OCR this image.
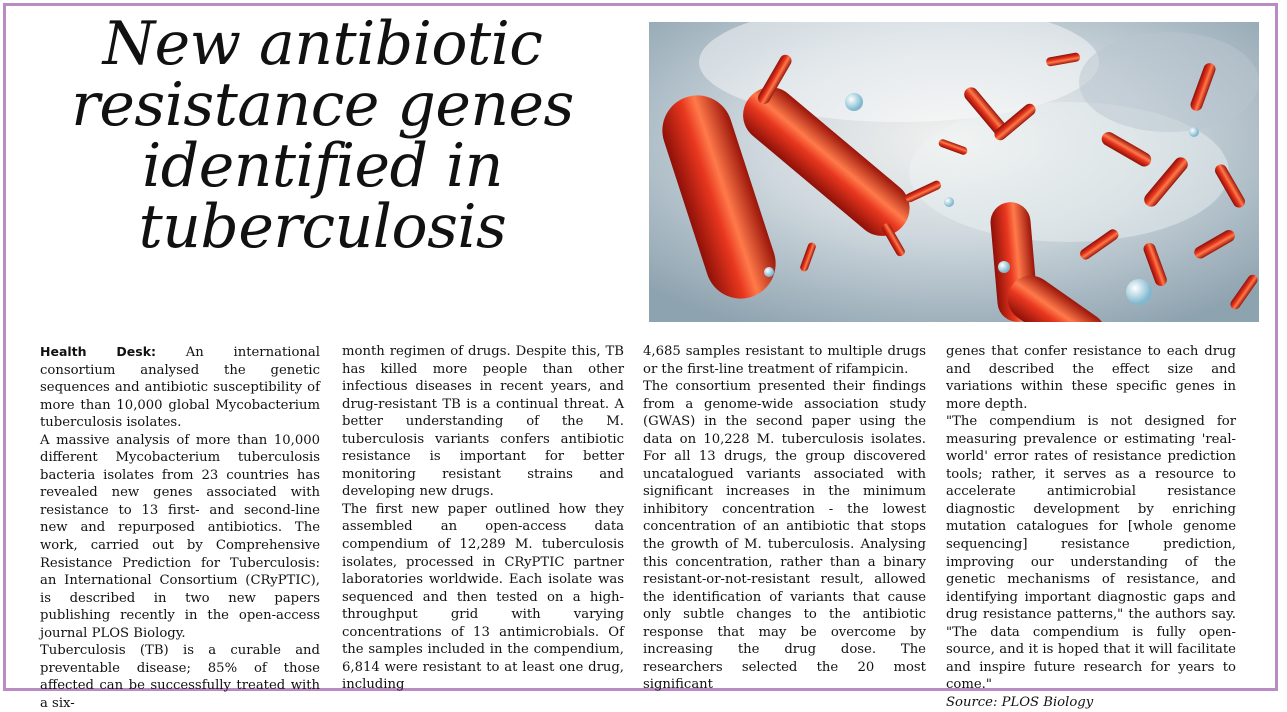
New antibiotic
resistance genes
identified in
tuberculosis

Health Desk: An international consortium analysed the genetic sequences and antibiotic susceptibility of more than 10,000 global Mycobacterium tuberculosis isolates.

A massive analysis of more than 10,000 different Mycobacterium tuberculosis bacteria isolates from 23 countries has revealed new genes associated with resistance to 13 first- and second-line new and repurposed antibiotics. The work, carried out by Comprehensive Resistance Prediction for Tuberculosis: an International Consortium (CRyPTIC), is described in two new papers publishing recently in the open-access journal PLOS Biology.

Tuberculosis (TB) is a curable and preventable disease; 85% of those affected can be successfully treated with a six-

month regimen of drugs. Despite this, TB has killed more people than other infectious diseases in recent years, and drug-resistant TB is a continual threat. A better understanding of the M. tuberculosis variants confers antibiotic resistance is important for better monitoring resistant strains and developing new drugs.

The first new paper outlined how they assembled an open-access data compendium of 12,289 M. tuberculosis isolates, processed in CRyPTIC partner laboratories worldwide. Each isolate was sequenced and then tested on a high-throughput grid with varying concentrations of 13 antimicrobials. Of the samples included in the compendium, 6,814 were resistant to at least one drug, including

4,685 samples resistant to multiple drugs or the first-line treatment of rifampicin.

The consortium presented their findings from a genome-wide association study (GWAS) in the second paper using the data on 10,228 M. tuberculosis isolates. For all 13 drugs, the group discovered uncatalogued variants associated with significant increases in the minimum inhibitory concentration - the lowest concentration of an antibiotic that stops the growth of M. tuberculosis. Analysing this concentration, rather than a binary resistant-or-not-resistant result, allowed the identification of variants that cause only subtle changes to the antibiotic response that may be overcome by increasing the drug dose. The researchers selected the 20 most significant

genes that confer resistance to each drug and described the effect size and variations within these specific genes in more depth.

"The compendium is not designed for measuring prevalence or estimating 'real-world' error rates of resistance prediction tools; rather, it serves as a resource to accelerate antimicrobial resistance diagnostic development by enriching mutation catalogues for [whole genome sequencing] resistance prediction, improving our understanding of the genetic mechanisms of resistance, and identifying important diagnostic gaps and drug resistance patterns," the authors say. "The data compendium is fully open-source, and it is hoped that it will facilitate and inspire future research for years to come."

Source: PLOS Biology
